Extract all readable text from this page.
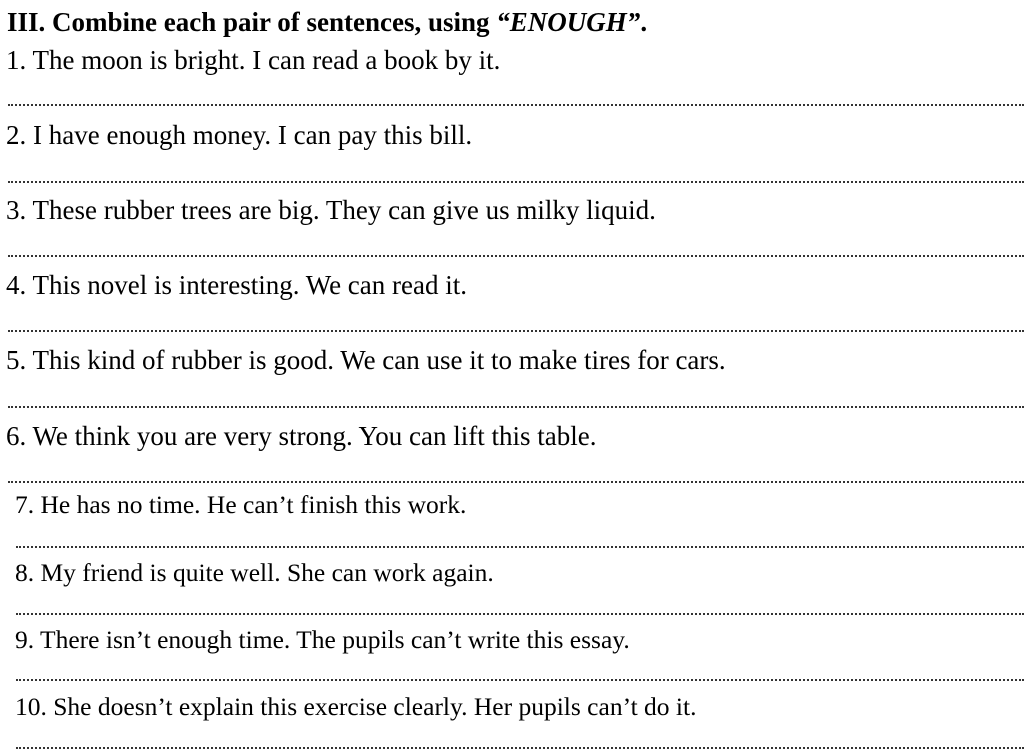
III. Combine each pair of sentences, using “ENOUGH”.
1. The moon is bright. I can read a book by it.
2. I have enough money. I can pay this bill.
3. These rubber trees are big. They can give us milky liquid.
4. This novel is interesting. We can read it.
5. This kind of rubber is good. We can use it to make tires for cars.
6. We think you are very strong. You can lift this table.
7. He has no time. He can’t finish this work.
8. My friend is quite well. She can work again.
9. There isn’t enough time. The pupils can’t write this essay.
10. She doesn’t explain this exercise clearly. Her pupils can’t do it.
